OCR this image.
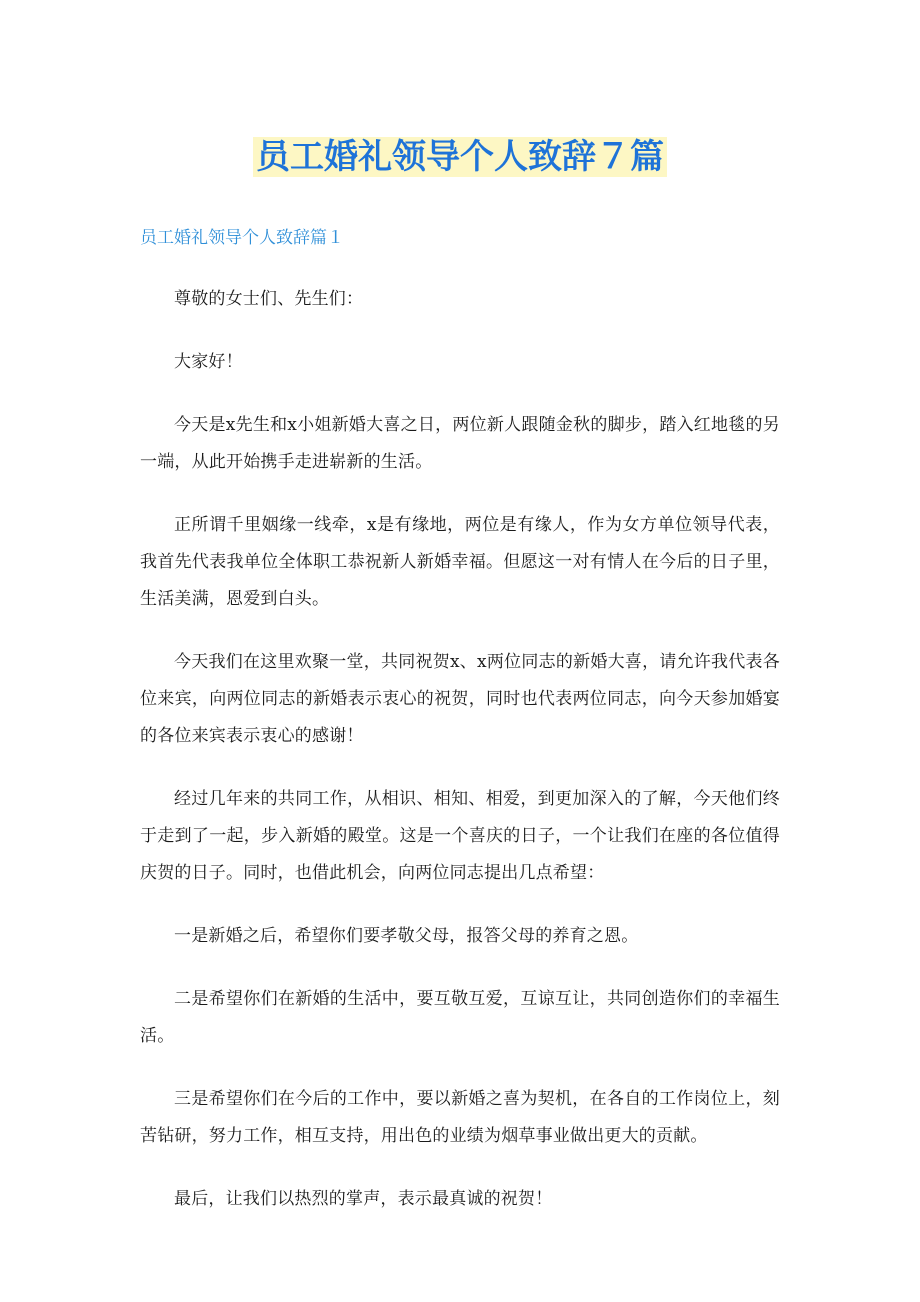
员工婚礼领导个人致辞７篇
员工婚礼领导个人致辞篇１

尊敬的女士们、先生们：

大家好！

今天是x先生和x小姐新婚大喜之日，两位新人跟随金秋的脚步，踏入红地毯的另一端，从此开始携手走进崭新的生活。

正所谓千里姻缘一线牵，x是有缘地，两位是有缘人，作为女方单位领导代表，我首先代表我单位全体职工恭祝新人新婚幸福。但愿这一对有情人在今后的日子里，生活美满，恩爱到白头。

今天我们在这里欢聚一堂，共同祝贺x、x两位同志的新婚大喜，请允许我代表各位来宾，向两位同志的新婚表示衷心的祝贺，同时也代表两位同志，向今天参加婚宴的各位来宾表示衷心的感谢！

经过几年来的共同工作，从相识、相知、相爱，到更加深入的了解，今天他们终于走到了一起，步入新婚的殿堂。这是一个喜庆的日子，一个让我们在座的各位值得庆贺的日子。同时，也借此机会，向两位同志提出几点希望：

一是新婚之后，希望你们要孝敬父母，报答父母的养育之恩。

二是希望你们在新婚的生活中，要互敬互爱，互谅互让，共同创造你们的幸福生活。

三是希望你们在今后的工作中，要以新婚之喜为契机，在各自的工作岗位上，刻苦钻研，努力工作，相互支持，用出色的业绩为烟草事业做出更大的贡献。

最后，让我们以热烈的掌声，表示最真诚的祝贺！
